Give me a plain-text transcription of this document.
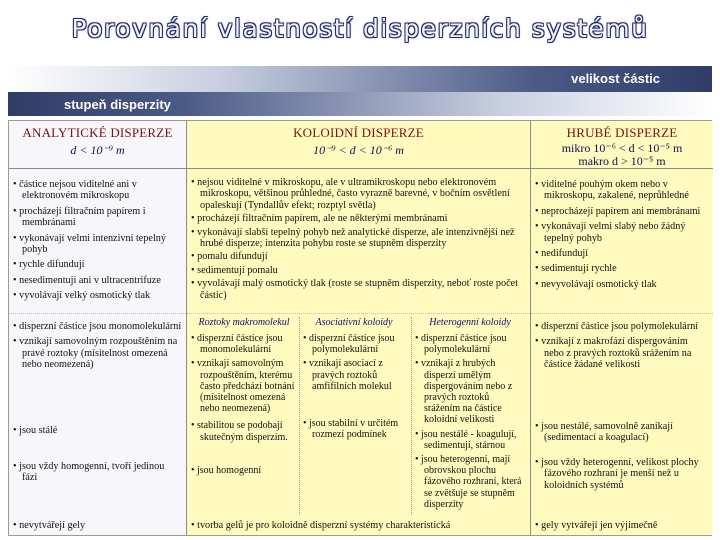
Porovnání vlastností disperzních systémů
velikost částic
stupeň disperzity
ANALYTICKÉ DISPERZE
d < 10⁻⁹ m

• částice nejsou viditelné ani v elektronovém mikroskopu

• procházejí filtračním papírem i membránami

• vykonávají velmi intenzivní tepelný pohyb

• rychle difundují

• nesedimentují ani v ultracentrifuze

• vyvolávají velký osmotický tlak

• disperzní částice jsou monomolekulární

• vznikají samovolným rozpouštěním na pravé roztoky (mísitelnost omezená nebo neomezená)

• jsou stálé

• jsou vždy homogenní, tvoří jedinou fázi

• nevytvářejí gely
KOLOIDNÍ DISPERZE
10⁻⁹ < d < 10⁻⁶ m

• nejsou viditelné v mikroskopu, ale v ultramikroskopu nebo elektronovém mikroskopu, většinou průhledné, často vyrazně barevné, v bočním osvětlení opaleskují (Tyndallův efekt; rozptyl světla)

• procházejí filtračním papírem, ale ne některými membránami

• vykonávají slabší tepelný pohyb než analytické disperze, ale intenzivnější než hrubé disperze; intenzita pohybu roste se stupněm disperzity

• pomalu difundují

• sedimentují pomalu

• vyvolávají malý osmotický tlak (roste se stupněm disperzity, neboť roste počet částic)

Roztoky makromolekul	Asociativní koloidy	Heterogenní koloidy

• disperzní částice jsou monomolekulární

• vznikají samovolným rozpouštěním, kterému často předchází botnání (mísitelnost omezená nebo neomezená)

• stabilitou se podobají skutečným disperzím.

• disperzní částice jsou polymolekulární

• vznikají asociací z pravých roztoků amfifilních molekul

• jsou stabilní v určitém rozmezí podmínek

• disperzní částice jsou polymolekulární

• vznikají z hrubých disperzí umělým dispergováním nebo z pravých roztoků srážením na částice koloidní velikosti

• jsou nestálé - koagulují, sedimentují, stárnou

• jsou heterogenní, mají obrovskou plochu fázového rozhraní, která se zvětšuje se stupněm disperzity

• jsou homogenní

• tvorba gelů je pro koloidně disperzní systémy charakteristická
HRUBÉ DISPERZE
mikro 10⁻⁶ < d < 10⁻⁵ m
makro d > 10⁻⁵ m

• viditelné pouhým okem nebo v mikroskopu, zakalené, neprůhledné

• neprocházejí papírem ani membránami

• vykonávají velmi slabý nebo žádný tepelný pohyb

• nedifundují

• sedimentují rychle

• nevyvolávají osmotický tlak

• disperzní částice jsou polymolekulární

• vznikají z makrofází dispergováním nebo z pravých roztoků srážením na částice žádané velikosti

• jsou nestálé, samovolně zanikají (sedimentací a koagulací)

• jsou vždy heterogenní, velikost plochy fázového rozhraní je menší než u koloidních systémů

• gely vytvářejí jen výjimečně
